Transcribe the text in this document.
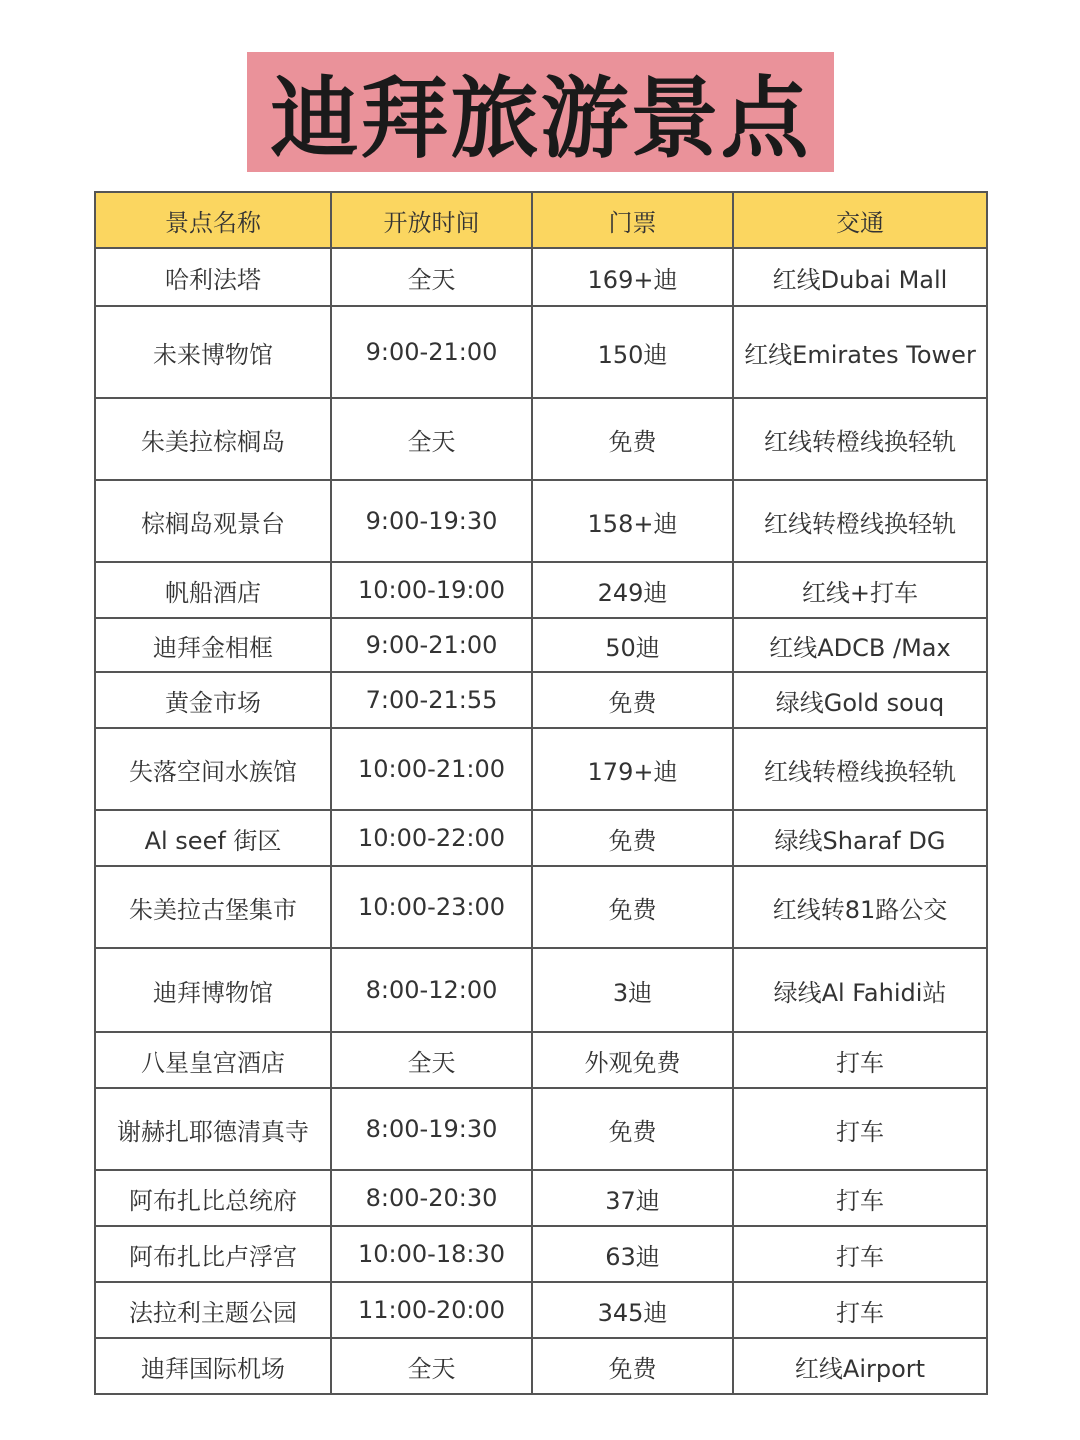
迪拜旅游景点
景点名称	开放时间	门票	交通
哈利法塔	全天	169+迪	红线Dubai Mall
未来博物馆	9:00-21:00	150迪	红线Emirates Tower
朱美拉棕榈岛	全天	免费	红线转橙线换轻轨
棕榈岛观景台	9:00-19:30	158+迪	红线转橙线换轻轨
帆船酒店	10:00-19:00	249迪	红线+打车
迪拜金相框	9:00-21:00	50迪	红线ADCB /Max
黄金市场	7:00-21:55	免费	绿线Gold souq
失落空间水族馆	10:00-21:00	179+迪	红线转橙线换轻轨
Al seef 街区	10:00-22:00	免费	绿线Sharaf DG
朱美拉古堡集市	10:00-23:00	免费	红线转81路公交
迪拜博物馆	8:00-12:00	3迪	绿线Al Fahidi站
八星皇宫酒店	全天	外观免费	打车
谢赫扎耶德清真寺	8:00-19:30	免费	打车
阿布扎比总统府	8:00-20:30	37迪	打车
阿布扎比卢浮宫	10:00-18:30	63迪	打车
法拉利主题公园	11:00-20:00	345迪	打车
迪拜国际机场	全天	免费	红线Airport
